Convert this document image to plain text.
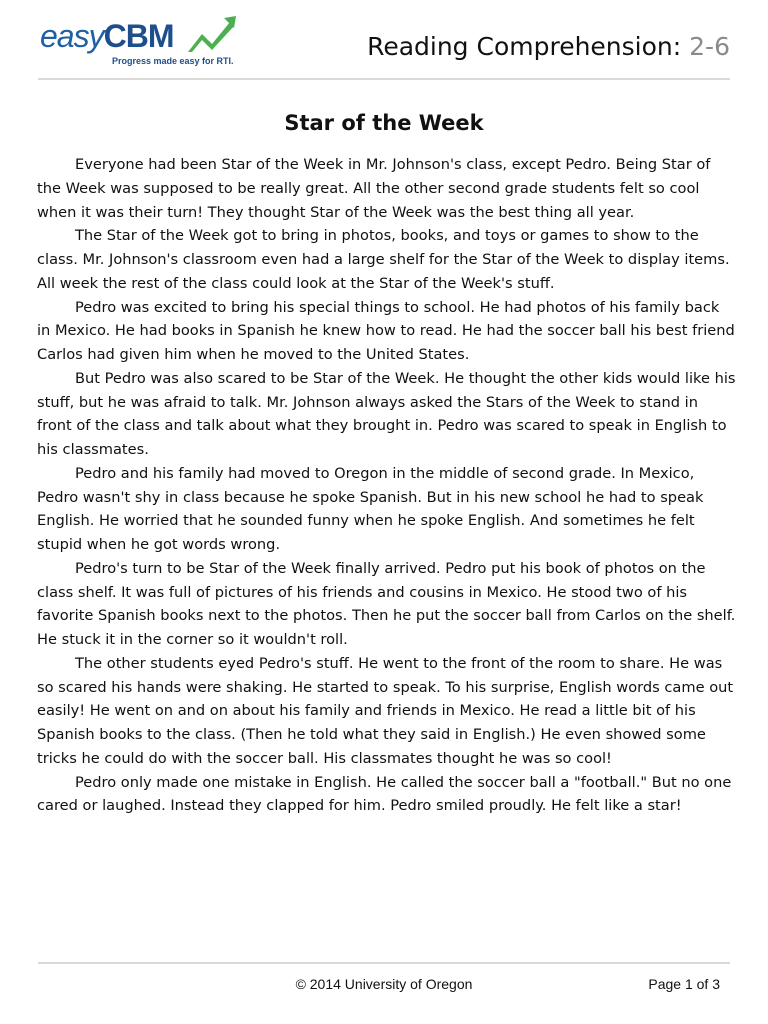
easyCBM
Progress made easy for RTI.	Reading Comprehension: 2-6
Star of the Week

Everyone had been Star of the Week in Mr. Johnson's class, except Pedro. Being Star of the Week was supposed to be really great. All the other second grade students felt so cool when it was their turn! They thought Star of the Week was the best thing all year.

The Star of the Week got to bring in photos, books, and toys or games to show to the class. Mr. Johnson's classroom even had a large shelf for the Star of the Week to display items. All week the rest of the class could look at the Star of the Week's stuff.

Pedro was excited to bring his special things to school. He had photos of his family back in Mexico. He had books in Spanish he knew how to read. He had the soccer ball his best friend Carlos had given him when he moved to the United States.

But Pedro was also scared to be Star of the Week. He thought the other kids would like his stuff, but he was afraid to talk. Mr. Johnson always asked the Stars of the Week to stand in front of the class and talk about what they brought in. Pedro was scared to speak in English to his classmates.

Pedro and his family had moved to Oregon in the middle of second grade. In Mexico, Pedro wasn't shy in class because he spoke Spanish. But in his new school he had to speak English. He worried that he sounded funny when he spoke English. And sometimes he felt stupid when he got words wrong.

Pedro's turn to be Star of the Week finally arrived. Pedro put his book of photos on the class shelf. It was full of pictures of his friends and cousins in Mexico. He stood two of his favorite Spanish books next to the photos. Then he put the soccer ball from Carlos on the shelf. He stuck it in the corner so it wouldn't roll.

The other students eyed Pedro's stuff. He went to the front of the room to share. He was so scared his hands were shaking. He started to speak. To his surprise, English words came out easily! He went on and on about his family and friends in Mexico. He read a little bit of his Spanish books to the class. (Then he told what they said in English.) He even showed some tricks he could do with the soccer ball. His classmates thought he was so cool!

Pedro only made one mistake in English. He called the soccer ball a "football." But no one cared or laughed. Instead they clapped for him. Pedro smiled proudly. He felt like a star!

© 2014 University of Oregon	Page 1 of 3
